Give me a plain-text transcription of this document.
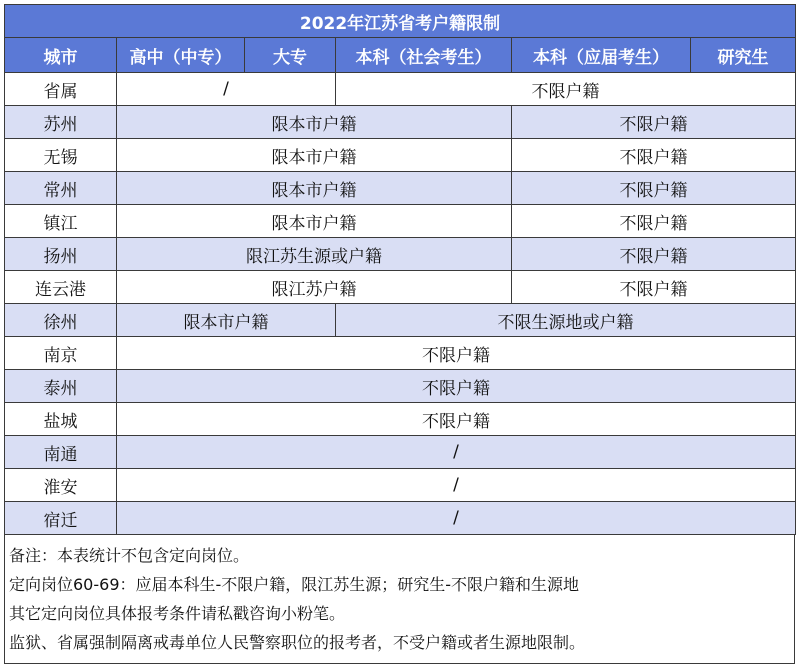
2022年江苏省考户籍限制					
城市	高中（中专）	大专	本科（社会考生）	本科（应届考生）	研究生
省属	/		不限户籍		
苏州	限本市户籍			不限户籍	
无锡	限本市户籍			不限户籍	
常州	限本市户籍			不限户籍	
镇江	限本市户籍			不限户籍	
扬州	限江苏生源或户籍			不限户籍	
连云港	限江苏户籍			不限户籍	
徐州	限本市户籍		不限生源地或户籍		
南京	不限户籍				
泰州	不限户籍				
盐城	不限户籍				
南通	/				
淮安	/				
宿迁	/				
备注：本表统计不包含定向岗位。
定向岗位60-69：应届本科生-不限户籍，限江苏生源；研究生-不限户籍和生源地
其它定向岗位具体报考条件请私戳咨询小粉笔。
监狱、省属强制隔离戒毒单位人民警察职位的报考者，不受户籍或者生源地限制。
